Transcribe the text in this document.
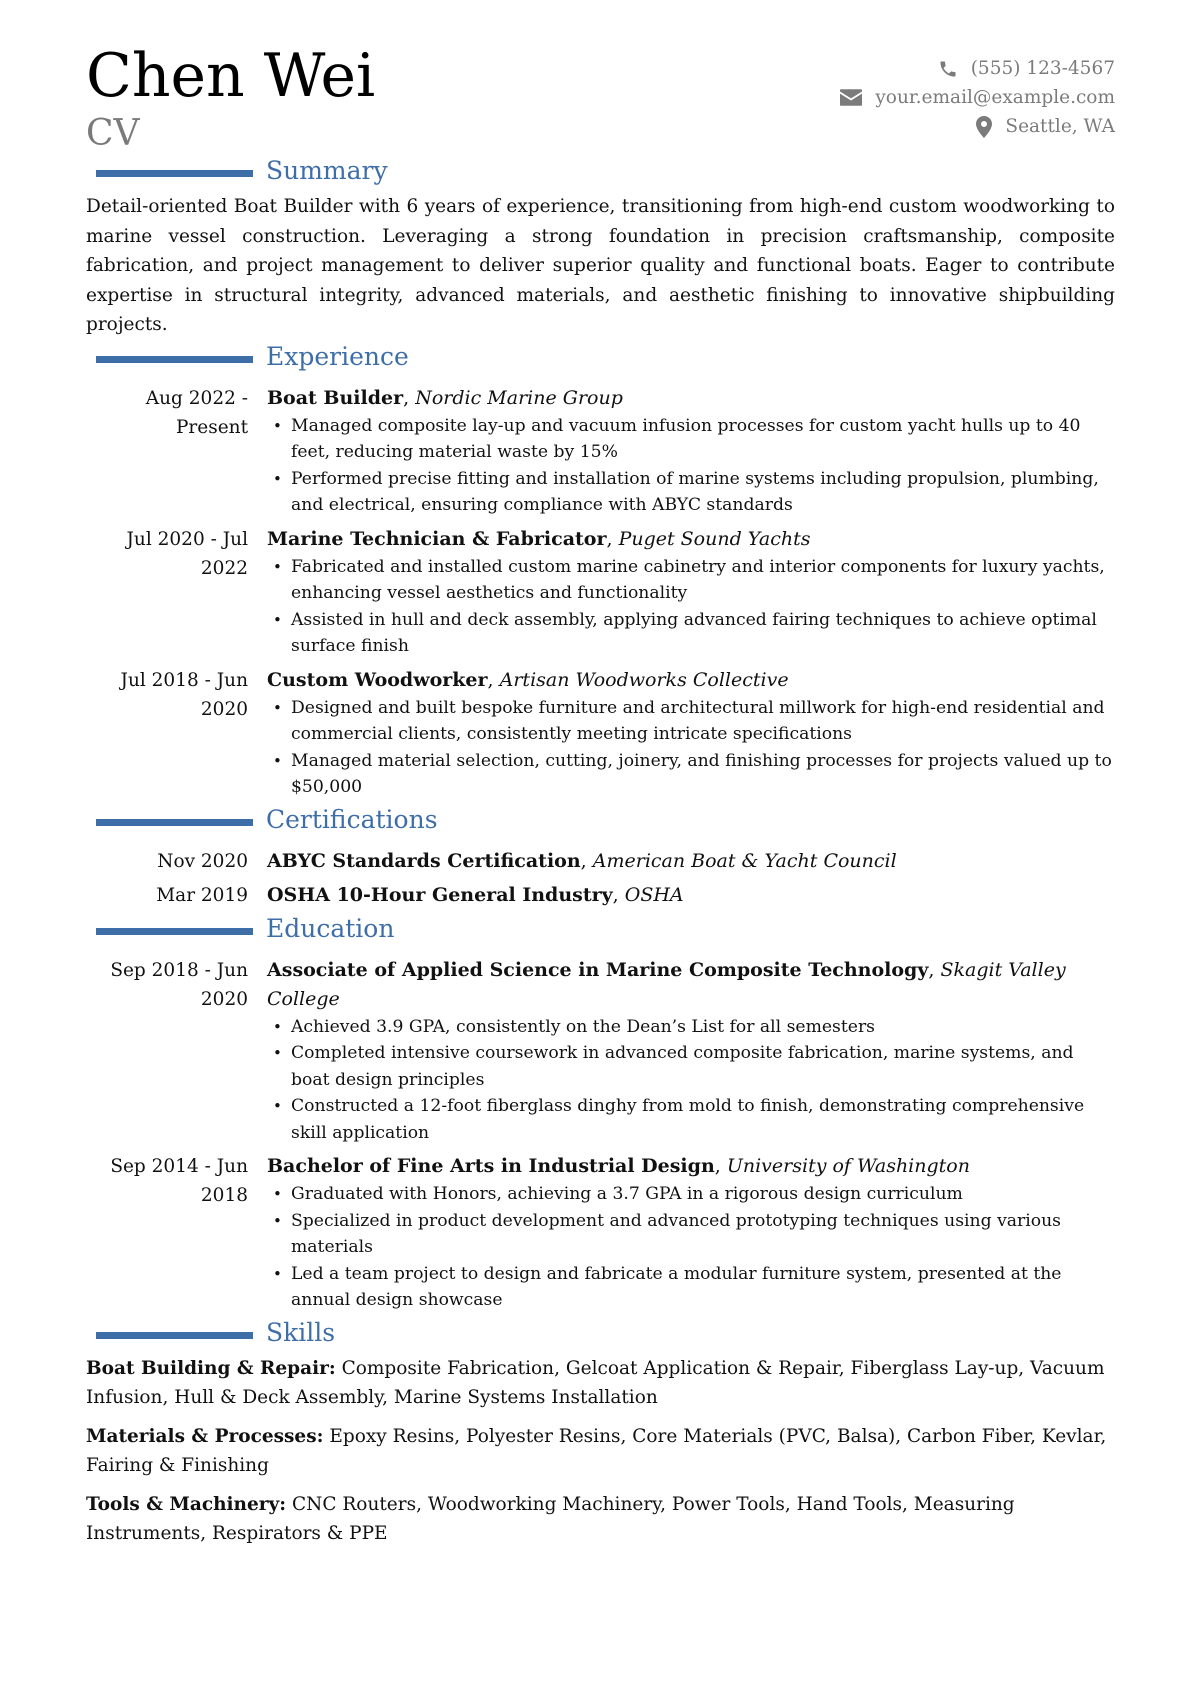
Chen Wei
CV
(555) 123-4567
your.email@example.com
Seattle, WA
Summary
Detail-oriented Boat Builder with 6 years of experience, transitioning from high-end custom woodworking to marine vessel construction. Leveraging a strong foundation in precision craftsmanship, composite fabrication, and project management to deliver superior quality and functional boats. Eager to contribute expertise in structural integrity, advanced materials, and aesthetic finishing to innovative shipbuilding projects.
Experience
Aug 2022 - Present
Boat Builder, Nordic Marine Group
• Managed composite lay-up and vacuum infusion processes for custom yacht hulls up to 40 feet, reducing material waste by 15%
• Performed precise fitting and installation of marine systems including propulsion, plumbing, and electrical, ensuring compliance with ABYC standards
Jul 2020 - Jul 2022
Marine Technician & Fabricator, Puget Sound Yachts
• Fabricated and installed custom marine cabinetry and interior components for luxury yachts, enhancing vessel aesthetics and functionality
• Assisted in hull and deck assembly, applying advanced fairing techniques to achieve optimal surface finish
Jul 2018 - Jun 2020
Custom Woodworker, Artisan Woodworks Collective
• Designed and built bespoke furniture and architectural millwork for high-end residential and commercial clients, consistently meeting intricate specifications
• Managed material selection, cutting, joinery, and finishing processes for projects valued up to $50,000
Certifications
Nov 2020 ABYC Standards Certification, American Boat & Yacht Council
Mar 2019 OSHA 10-Hour General Industry, OSHA
Education
Sep 2018 - Jun 2020
Associate of Applied Science in Marine Composite Technology, Skagit Valley College
• Achieved 3.9 GPA, consistently on the Dean’s List for all semesters
• Completed intensive coursework in advanced composite fabrication, marine systems, and boat design principles
• Constructed a 12-foot fiberglass dinghy from mold to finish, demonstrating comprehensive skill application
Sep 2014 - Jun 2018
Bachelor of Fine Arts in Industrial Design, University of Washington
• Graduated with Honors, achieving a 3.7 GPA in a rigorous design curriculum
• Specialized in product development and advanced prototyping techniques using various materials
• Led a team project to design and fabricate a modular furniture system, presented at the annual design showcase
Skills
Boat Building & Repair: Composite Fabrication, Gelcoat Application & Repair, Fiberglass Lay-up, Vacuum Infusion, Hull & Deck Assembly, Marine Systems Installation
Materials & Processes: Epoxy Resins, Polyester Resins, Core Materials (PVC, Balsa), Carbon Fiber, Kevlar, Fairing & Finishing
Tools & Machinery: CNC Routers, Woodworking Machinery, Power Tools, Hand Tools, Measuring Instruments, Respirators & PPE
